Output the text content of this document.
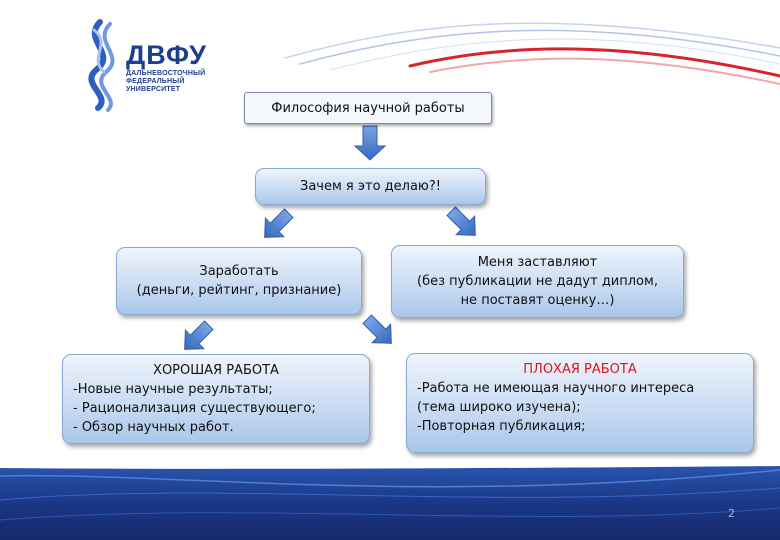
ДВФУ
ДАЛЬНЕВОСТОЧНЫЙ
ФЕДЕРАЛЬНЫЙ
УНИВЕРСИТЕТ
Философия научной работы
Зачем я это делаю?!
Заработать
(деньги, рейтинг, признание)
Меня заставляют
(без публикации не дадут диплом,
не поставят оценку…)
ХОРОШАЯ РАБОТА
-Новые научные результаты;
- Рационализация существующего;
- Обзор научных работ.
ПЛОХАЯ РАБОТА
-Работа не имеющая научного интереса
(тема широко изучена);
-Повторная публикация;
2
